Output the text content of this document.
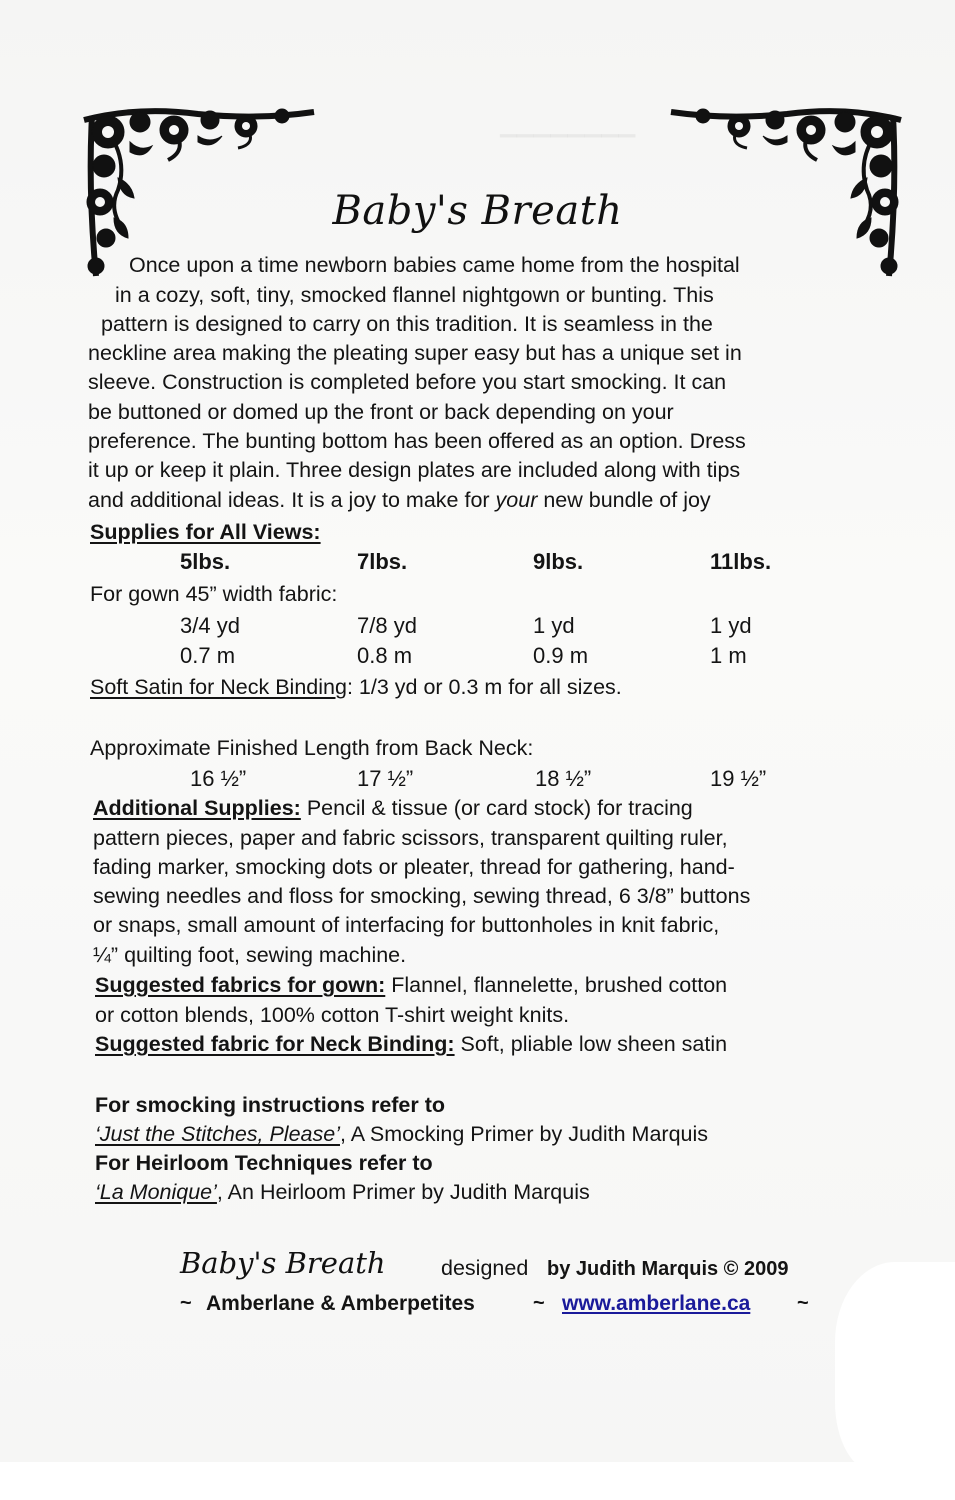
▁▁▁▁▁▁▁▁
Baby's Breath
Once upon a time newborn babies came home from the hospital
in a cozy, soft, tiny, smocked flannel nightgown or bunting. This
pattern is designed to carry on this tradition. It is seamless in the
neckline area making the pleating super easy but has a unique set in
sleeve. Construction is completed before you start smocking. It can
be buttoned or domed up the front or back depending on your
preference. The bunting bottom has been offered as an option. Dress
it up or keep it plain. Three design plates are included along with tips
and additional ideas. It is a joy to make for your new bundle of joy
Supplies for All Views:
5lbs.	7lbs.	9lbs.	11lbs.
For gown 45” width fabric:
3/4 yd	7/8 yd	1 yd	1 yd
0.7 m	0.8 m	0.9 m	1 m
Soft Satin for Neck Binding: 1/3 yd or 0.3 m for all sizes.
Approximate Finished Length from Back Neck:
16 ½”	17 ½”	18 ½”	19 ½”
Additional Supplies: Pencil & tissue (or card stock) for tracing
pattern pieces, paper and fabric scissors, transparent quilting ruler,
fading marker, smocking dots or pleater, thread for gathering, hand-
sewing needles and floss for smocking, sewing thread, 6 3/8” buttons
or snaps, small amount of interfacing for buttonholes in knit fabric,
¼” quilting foot, sewing machine.
Suggested fabrics for gown: Flannel, flannelette, brushed cotton
or cotton blends, 100% cotton T-shirt weight knits.
Suggested fabric for Neck Binding: Soft, pliable low sheen satin
For smocking instructions refer to
‘Just the Stitches, Please’, A Smocking Primer by Judith Marquis
For Heirloom Techniques refer to
‘La Monique’, An Heirloom Primer by Judith Marquis
Baby's Breath	designed by Judith Marquis © 2009
~ Amberlane & Amberpetites	~ www.amberlane.ca ~
